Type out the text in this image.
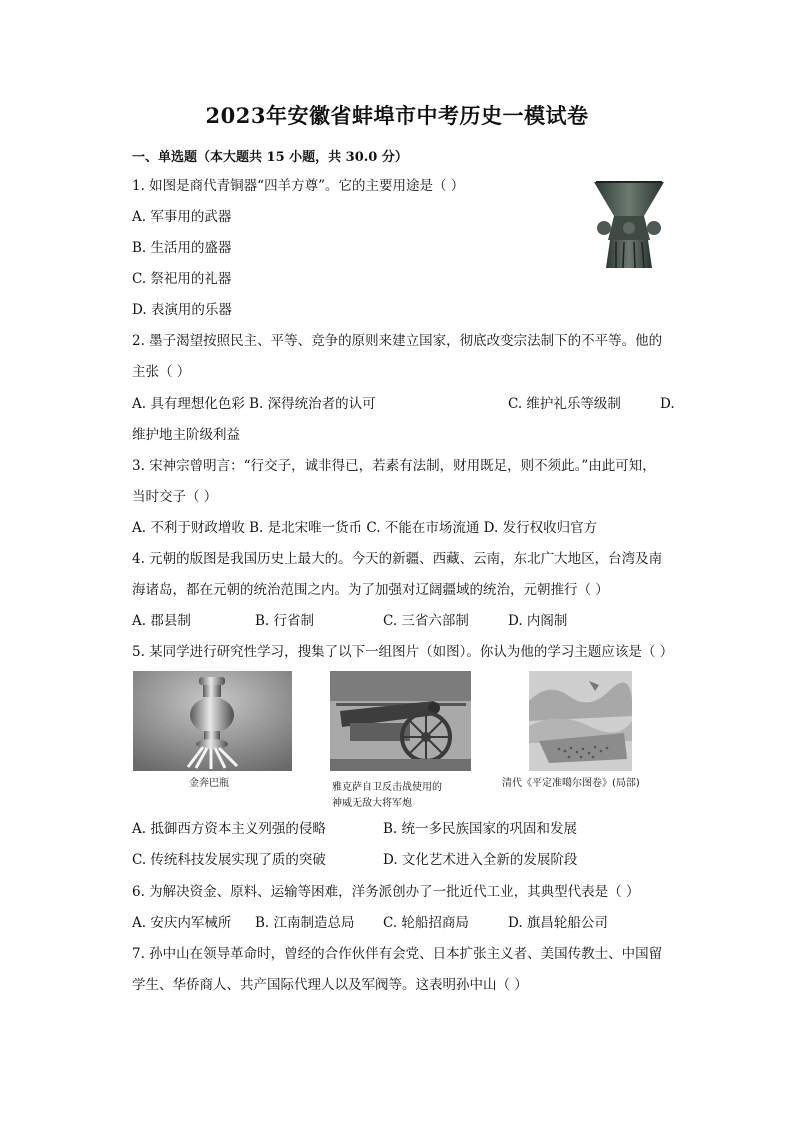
2023年安徽省蚌埠市中考历史一模试卷
一、单选题（本大题共 15 小题，共 30.0 分）
1. 如图是商代青铜器“四羊方尊”。它的主要用途是（ ）
A. 军事用的武器
B. 生活用的盛器
C. 祭祀用的礼器
D. 表演用的乐器
2. 墨子渴望按照民主、平等、竞争的原则来建立国家，彻底改变宗法制下的不平等。他的
主张（ ）
A. 具有理想化色彩 B. 深得统治者的认可	C. 维护礼乐等级制	D.
维护地主阶级利益
3. 宋神宗曾明言：“行交子，诚非得已，若素有法制，财用既足，则不须此。”由此可知，
当时交子（ ）
A. 不利于财政增收 B. 是北宋唯一货币 C. 不能在市场流通 D. 发行权收归官方
4. 元朝的版图是我国历史上最大的。今天的新疆、西藏、云南，东北广大地区，台湾及南
海诸岛，都在元朝的统治范围之内。为了加强对辽阔疆域的统治，元朝推行（ ）
A. 郡县制	B. 行省制	C. 三省六部制	D. 内阁制
5. 某同学进行研究性学习，搜集了以下一组图片（如图）。你认为他的学习主题应该是（ ）
金奔巴瓶	雅克萨自卫反击战使用的
神威无敌大将军炮
清代《平定准噶尔图卷》(局部)
A. 抵御西方资本主义列强的侵略	B. 统一多民族国家的巩固和发展
C. 传统科技发展实现了质的突破	D. 文化艺术进入全新的发展阶段
6. 为解决资金、原料、运输等困难，洋务派创办了一批近代工业，其典型代表是（ ）
A. 安庆内军械所 B. 江南制造总局 C. 轮船招商局	D. 旗昌轮船公司
7. 孙中山在领导革命时，曾经的合作伙伴有会党、日本扩张主义者、美国传教士、中国留
学生、华侨商人、共产国际代理人以及军阀等。这表明孙中山（ ）
